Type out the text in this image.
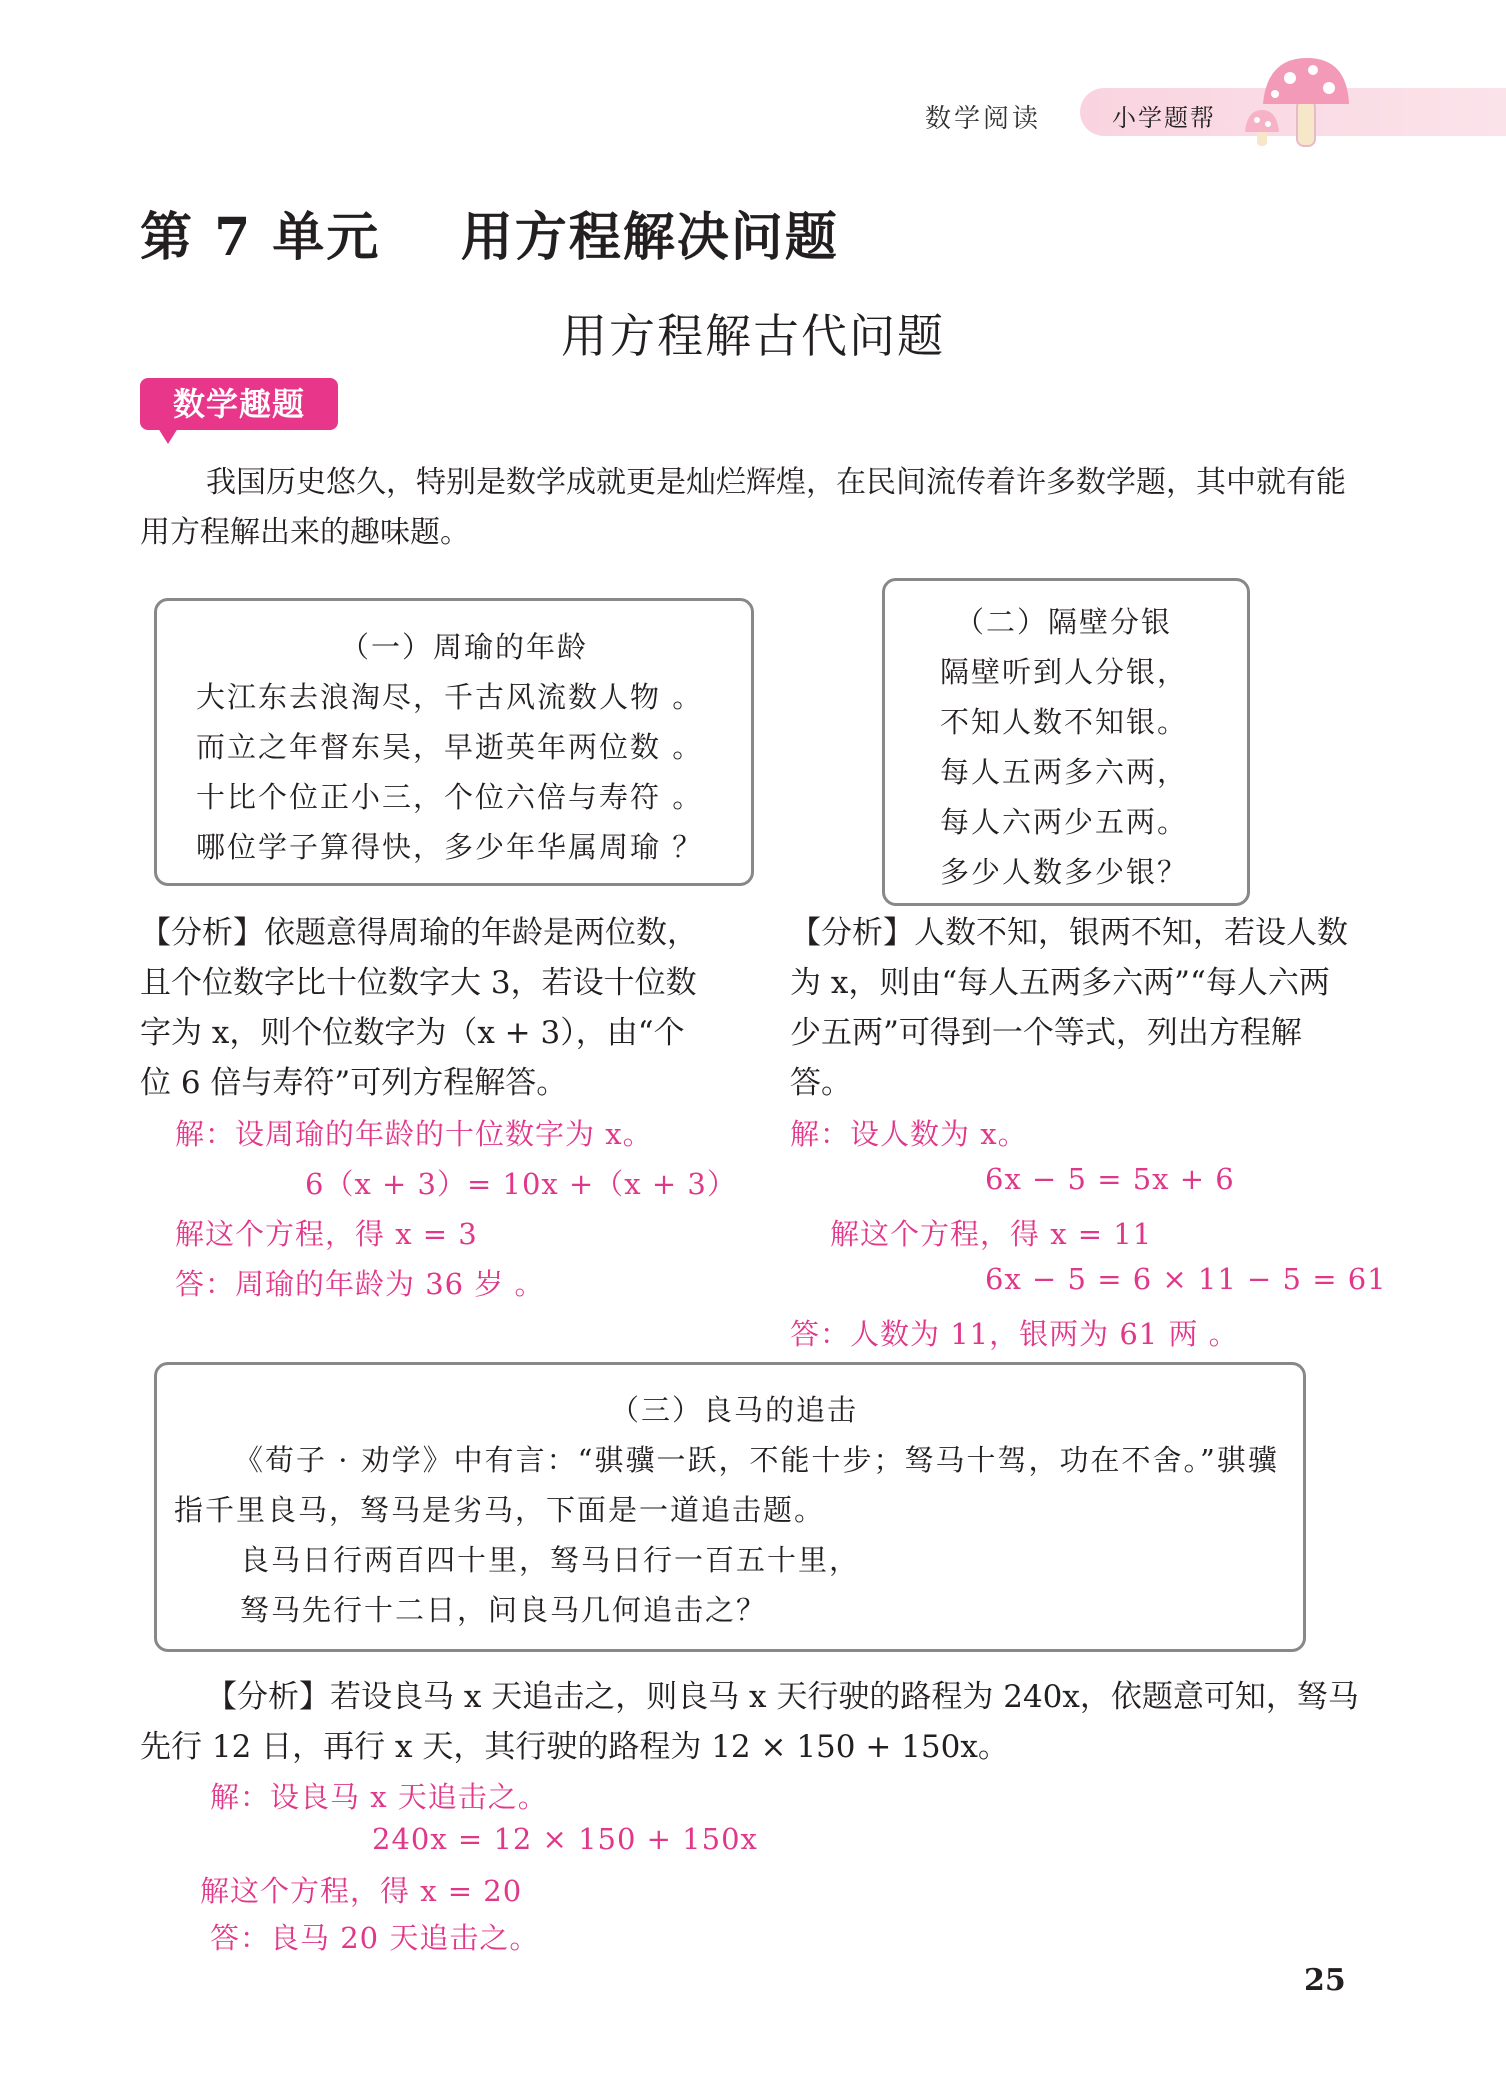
数学阅读	小学题帮
第 7 单元    用方程解决问题
用方程解古代问题
数学趣题

我国历史悠久，特别是数学成就更是灿烂辉煌，在民间流传着许多数学题，其中就有能用方程解出来的趣味题。

（一）周瑜的年龄
大江东去浪淘尽，千古风流数人物 。
而立之年督东吴，早逝英年两位数 。
十比个位正小三，个位六倍与寿符 。
哪位学子算得快，多少年华属周瑜 ？
（二）隔壁分银
隔壁听到人分银，
不知人数不知银。
每人五两多六两，
每人六两少五两。
多少人数多少银？
【分析】依题意得周瑜的年龄是两位数，且个位数字比十位数字大 3，若设十位数字为 x，则个位数字为（x + 3），由“个位 6 倍与寿符”可列方程解答。
解：设周瑜的年龄的十位数字为 x。
6（x + 3）= 10x +（x + 3）
解这个方程，得 x = 3
答：周瑜的年龄为 36 岁 。
【分析】人数不知，银两不知，若设人数为 x，则由“每人五两多六两”“每人六两少五两”可得到一个等式，列出方程解答。
解：设人数为 x。
6x − 5 = 5x + 6
解这个方程，得 x = 11
6x − 5 = 6 × 11 − 5 = 61
答：人数为 11，银两为 61 两 。
（三）良马的追击
《荀子 · 劝学》中有言：“骐骥一跃，不能十步；驽马十驾，功在不舍。”骐骥
指千里良马，驽马是劣马，下面是一道追击题。
良马日行两百四十里，驽马日行一百五十里，
驽马先行十二日，问良马几何追击之？
【分析】若设良马 x 天追击之，则良马 x 天行驶的路程为 240x，依题意可知，驽马先行 12 日，再行 x 天，其行驶的路程为 12 × 150 + 150x。
解：设良马 x 天追击之。
240x = 12 × 150 + 150x
解这个方程，得 x = 20
答：良马 20 天追击之。
25
